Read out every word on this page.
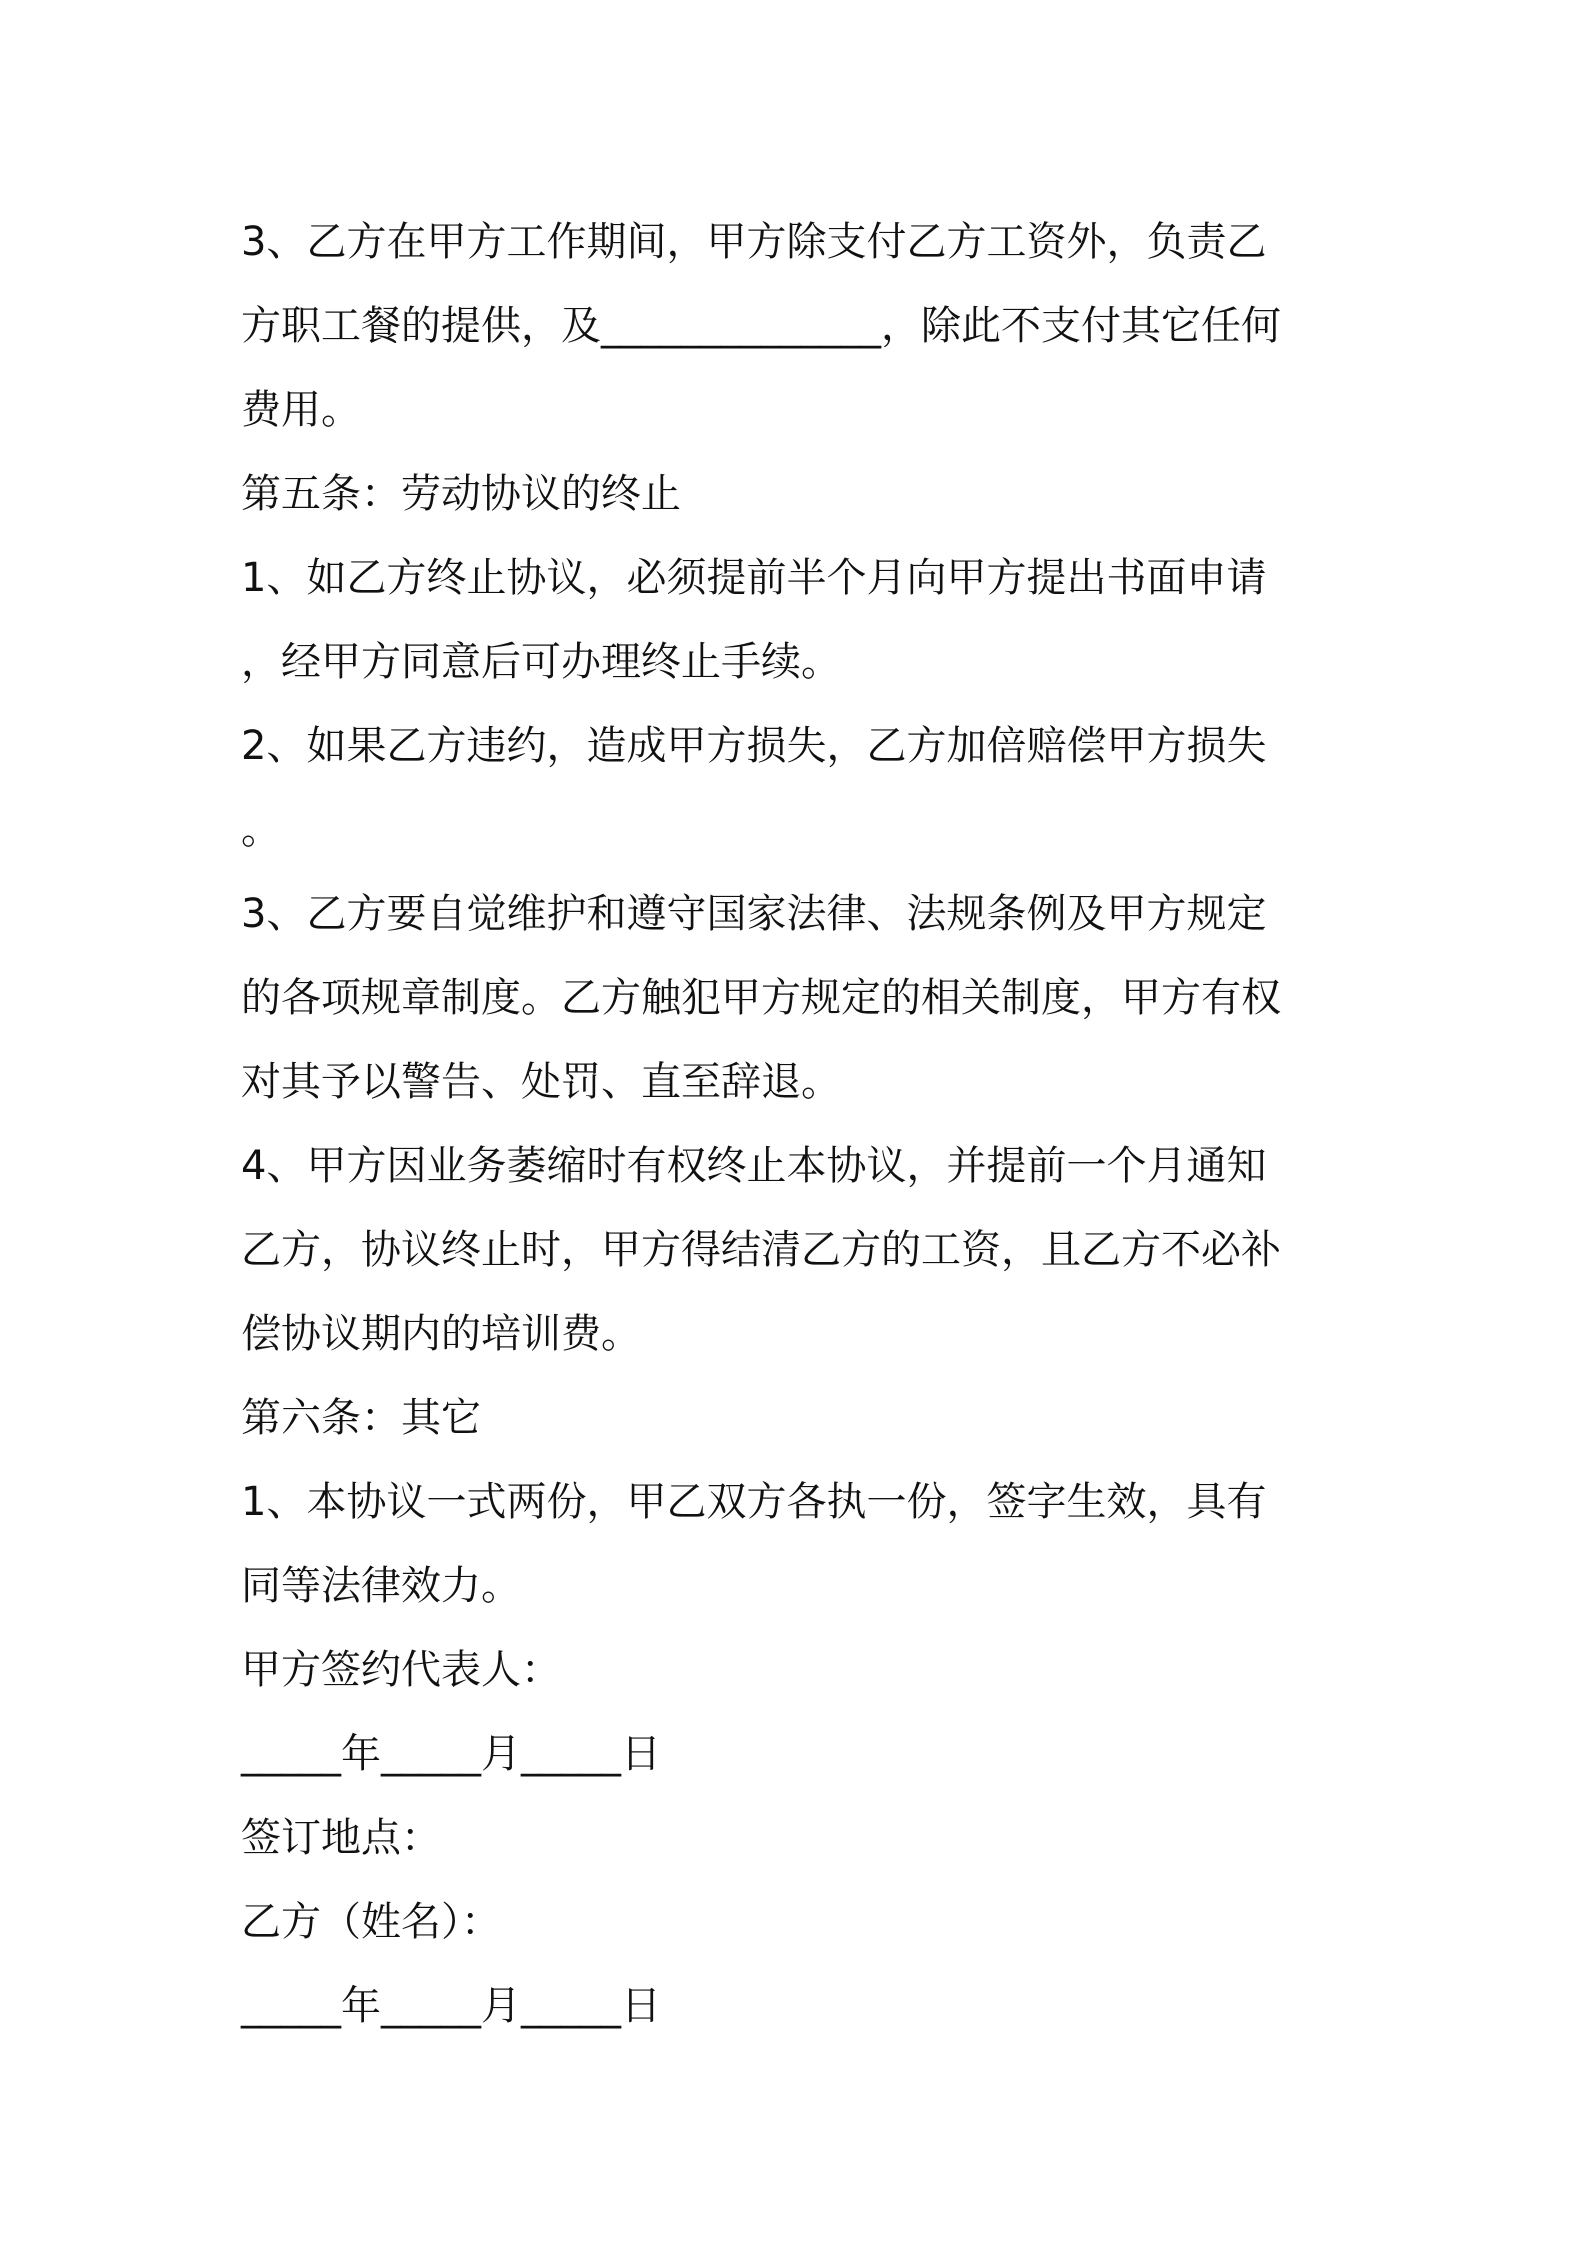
3、乙方在甲方工作期间，甲方除支付乙方工资外，负责乙
方职工餐的提供，及______________，除此不支付其它任何
费用。
第五条：劳动协议的终止
1、如乙方终止协议，必须提前半个月向甲方提出书面申请
，经甲方同意后可办理终止手续。
2、如果乙方违约，造成甲方损失，乙方加倍赔偿甲方损失
。
3、乙方要自觉维护和遵守国家法律、法规条例及甲方规定
的各项规章制度。乙方触犯甲方规定的相关制度，甲方有权
对其予以警告、处罚、直至辞退。
4、甲方因业务萎缩时有权终止本协议，并提前一个月通知
乙方，协议终止时，甲方得结清乙方的工资，且乙方不必补
偿协议期内的培训费。
第六条：其它
1、本协议一式两份，甲乙双方各执一份，签字生效，具有
同等法律效力。
甲方签约代表人：
_____年_____月_____日
签订地点：
乙方（姓名）：
_____年_____月_____日
